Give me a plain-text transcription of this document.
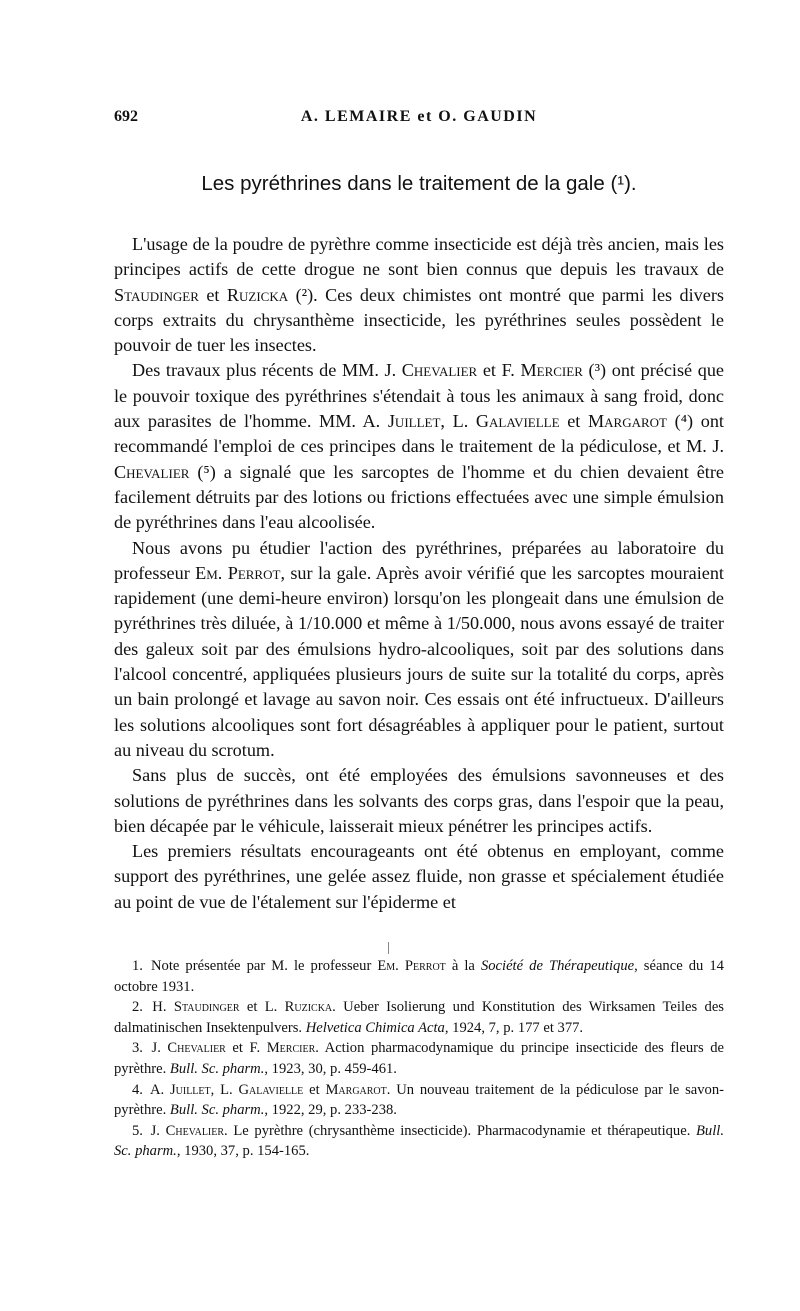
692	A. LEMAIRE et O. GAUDIN
Les pyréthrines dans le traitement de la gale (¹).

L'usage de la poudre de pyrèthre comme insecticide est déjà très ancien, mais les principes actifs de cette drogue ne sont bien connus que depuis les travaux de Staudinger et Ruzicka (²). Ces deux chimistes ont montré que parmi les divers corps extraits du chrysanthème insecticide, les pyréthrines seules possèdent le pouvoir de tuer les insectes.

Des travaux plus récents de MM. J. Chevalier et F. Mercier (³) ont précisé que le pouvoir toxique des pyréthrines s'étendait à tous les animaux à sang froid, donc aux parasites de l'homme. MM. A. Juillet, L. Galavielle et Margarot (⁴) ont recommandé l'emploi de ces principes dans le traitement de la pédiculose, et M. J. Chevalier (⁵) a signalé que les sarcoptes de l'homme et du chien devaient être facilement détruits par des lotions ou frictions effectuées avec une simple émulsion de pyréthrines dans l'eau alcoolisée.

Nous avons pu étudier l'action des pyréthrines, préparées au laboratoire du professeur Em. Perrot, sur la gale. Après avoir vérifié que les sarcoptes mouraient rapidement (une demi-heure environ) lorsqu'on les plongeait dans une émulsion de pyréthrines très diluée, à 1/10.000 et même à 1/50.000, nous avons essayé de traiter des galeux soit par des émulsions hydro-alcooliques, soit par des solutions dans l'alcool concentré, appliquées plusieurs jours de suite sur la totalité du corps, après un bain prolongé et lavage au savon noir. Ces essais ont été infructueux. D'ailleurs les solutions alcooliques sont fort désagréables à appliquer pour le patient, surtout au niveau du scrotum.

Sans plus de succès, ont été employées des émulsions savonneuses et des solutions de pyréthrines dans les solvants des corps gras, dans l'espoir que la peau, bien décapée par le véhicule, laisserait mieux pénétrer les principes actifs.

Les premiers résultats encourageants ont été obtenus en employant, comme support des pyréthrines, une gelée assez fluide, non grasse et spécialement étudiée au point de vue de l'étalement sur l'épiderme et

1. Note présentée par M. le professeur Em. Perrot à la Société de Thérapeutique, séance du 14 octobre 1931.

2. H. Staudinger et L. Ruzicka. Ueber Isolierung und Konstitution des Wirksamen Teiles des dalmatinischen Insektenpulvers. Helvetica Chimica Acta, 1924, 7, p. 177 et 377.

3. J. Chevalier et F. Mercier. Action pharmacodynamique du principe insecticide des fleurs de pyrèthre. Bull. Sc. pharm., 1923, 30, p. 459-461.

4. A. Juillet, L. Galavielle et Margarot. Un nouveau traitement de la pédiculose par le savon-pyrèthre. Bull. Sc. pharm., 1922, 29, p. 233-238.

5. J. Chevalier. Le pyrèthre (chrysanthème insecticide). Pharmacodynamie et thérapeutique. Bull. Sc. pharm., 1930, 37, p. 154-165.
